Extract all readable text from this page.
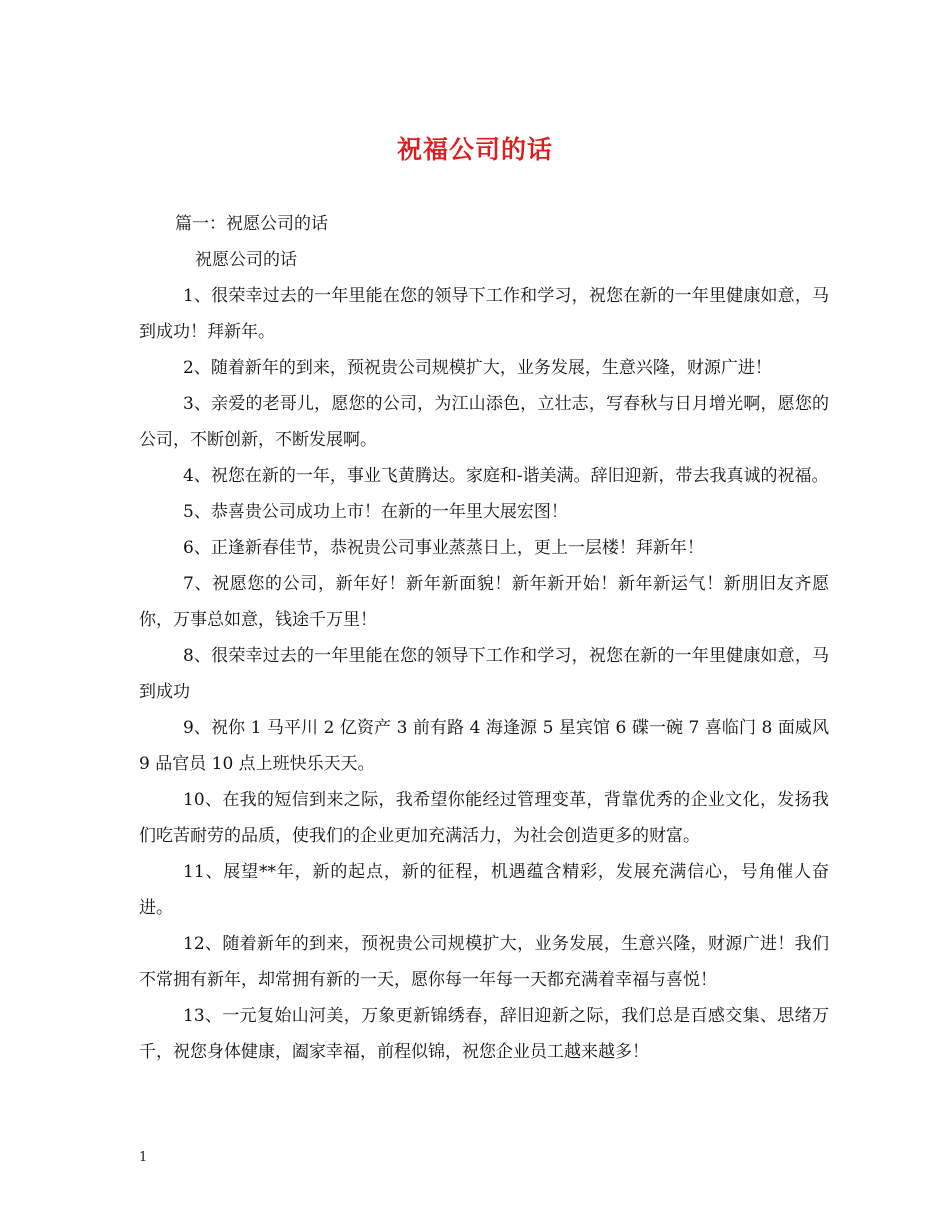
祝福公司的话

篇一：祝愿公司的话

祝愿公司的话

1、很荣幸过去的一年里能在您的领导下工作和学习，祝您在新的一年里健康如意，马到成功！拜新年。

2、随着新年的到来，预祝贵公司规模扩大，业务发展，生意兴隆，财源广进！

3、亲爱的老哥儿，愿您的公司，为江山添色，立壮志，写春秋与日月增光啊，愿您的公司，不断创新，不断发展啊。

4、祝您在新的一年，事业飞黄腾达。家庭和-谐美满。辞旧迎新，带去我真诚的祝福。

5、恭喜贵公司成功上市！在新的一年里大展宏图！

6、正逢新春佳节，恭祝贵公司事业蒸蒸日上，更上一层楼！拜新年！

7、祝愿您的公司，新年好！新年新面貌！新年新开始！新年新运气！新朋旧友齐愿你，万事总如意，钱途千万里！

8、很荣幸过去的一年里能在您的领导下工作和学习，祝您在新的一年里健康如意，马到成功

9、祝你 1 马平川 2 亿资产 3 前有路 4 海逢源 5 星宾馆 6 碟一碗 7 喜临门 8 面威风 9 品官员 10 点上班快乐天天。

10、在我的短信到来之际，我希望你能经过管理变革，背靠优秀的企业文化，发扬我们吃苦耐劳的品质，使我们的企业更加充满活力，为社会创造更多的财富。

11、展望**年，新的起点，新的征程，机遇蕴含精彩，发展充满信心，号角催人奋进。

12、随着新年的到来，预祝贵公司规模扩大，业务发展，生意兴隆，财源广进！我们不常拥有新年，却常拥有新的一天，愿你每一年每一天都充满着幸福与喜悦！

13、一元复始山河美，万象更新锦绣春，辞旧迎新之际，我们总是百感交集、思绪万千，祝您身体健康，阖家幸福，前程似锦，祝您企业员工越来越多！

1
